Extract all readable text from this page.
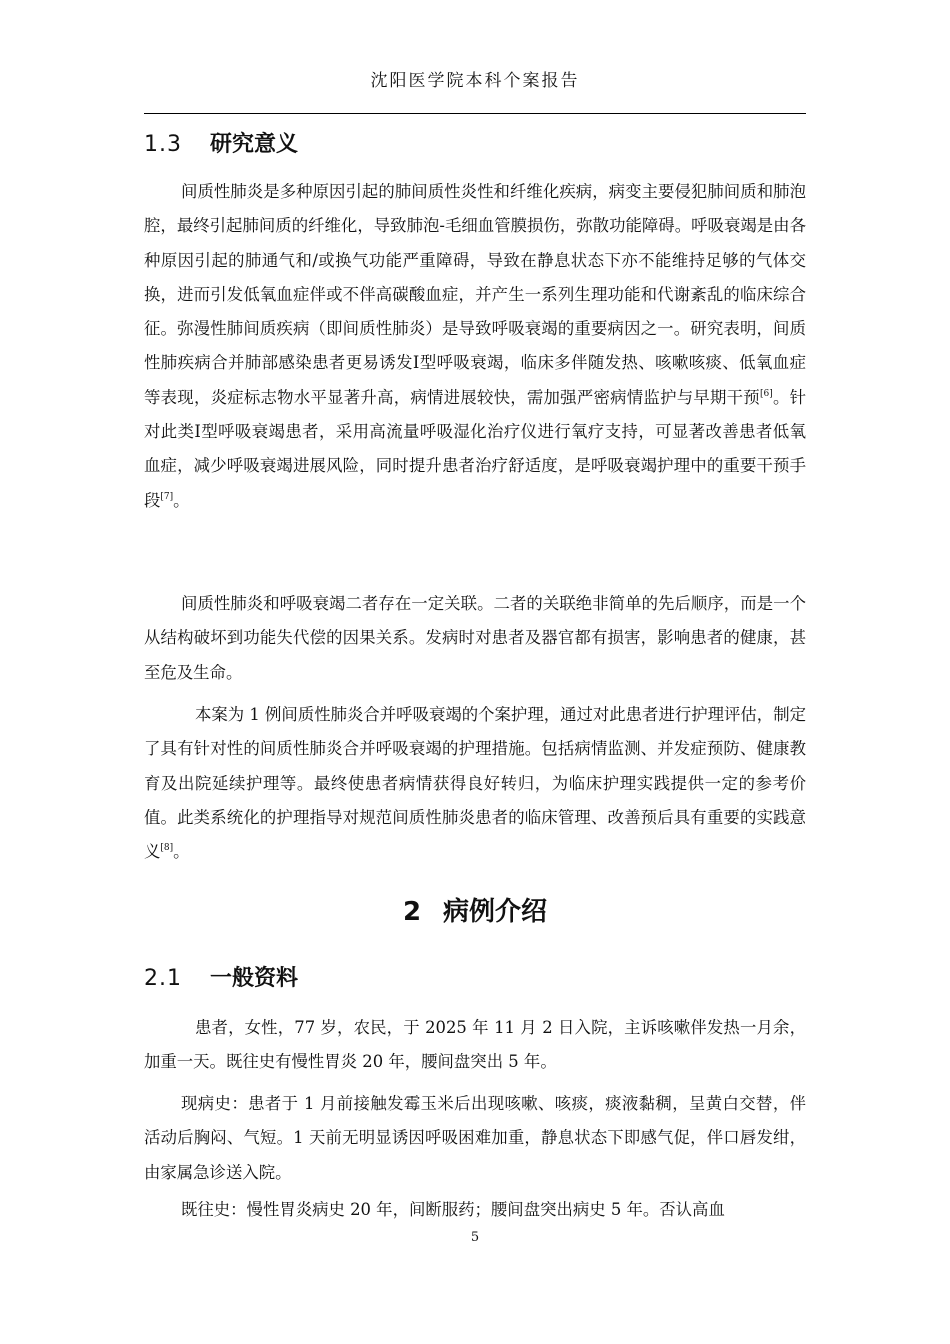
沈阳医学院本科个案报告
1.3 研究意义

间质性肺炎是多种原因引起的肺间质性炎性和纤维化疾病，病变主要侵犯肺间质和肺泡腔，最终引起肺间质的纤维化，导致肺泡-毛细血管膜损伤，弥散功能障碍。呼吸衰竭是由各种原因引起的肺通气和/或换气功能严重障碍，导致在静息状态下亦不能维持足够的气体交换，进而引发低氧血症伴或不伴高碳酸血症，并产生一系列生理功能和代谢紊乱的临床综合征。弥漫性肺间质疾病（即间质性肺炎）是导致呼吸衰竭的重要病因之一。研究表明，间质性肺疾病合并肺部感染患者更易诱发Ⅰ型呼吸衰竭，临床多伴随发热、咳嗽咳痰、低氧血症等表现，炎症标志物水平显著升高，病情进展较快，需加强严密病情监护与早期干预[6]。针对此类Ⅰ型呼吸衰竭患者，采用高流量呼吸湿化治疗仪进行氧疗支持，可显著改善患者低氧血症，减少呼吸衰竭进展风险，同时提升患者治疗舒适度，是呼吸衰竭护理中的重要干预手段[7]。

间质性肺炎和呼吸衰竭二者存在一定关联。二者的关联绝非简单的先后顺序，而是一个从结构破坏到功能失代偿的因果关系。发病时对患者及器官都有损害，影响患者的健康，甚至危及生命。

本案为 1 例间质性肺炎合并呼吸衰竭的个案护理，通过对此患者进行护理评估，制定了具有针对性的间质性肺炎合并呼吸衰竭的护理措施。包括病情监测、并发症预防、健康教育及出院延续护理等。最终使患者病情获得良好转归，为临床护理实践提供一定的参考价值。此类系统化的护理指导对规范间质性肺炎患者的临床管理、改善预后具有重要的实践意义[8]。

2 病例介绍
2.1 一般资料

患者，女性，77 岁，农民，于 2025 年 11 月 2 日入院，主诉咳嗽伴发热一月余，加重一天。既往史有慢性胃炎 20 年，腰间盘突出 5 年。

现病史：患者于 1 月前接触发霉玉米后出现咳嗽、咳痰，痰液黏稠，呈黄白交替，伴活动后胸闷、气短。1 天前无明显诱因呼吸困难加重，静息状态下即感气促，伴口唇发绀，由家属急诊送入院。

既往史：慢性胃炎病史 20 年，间断服药；腰间盘突出病史 5 年。否认高血

5
